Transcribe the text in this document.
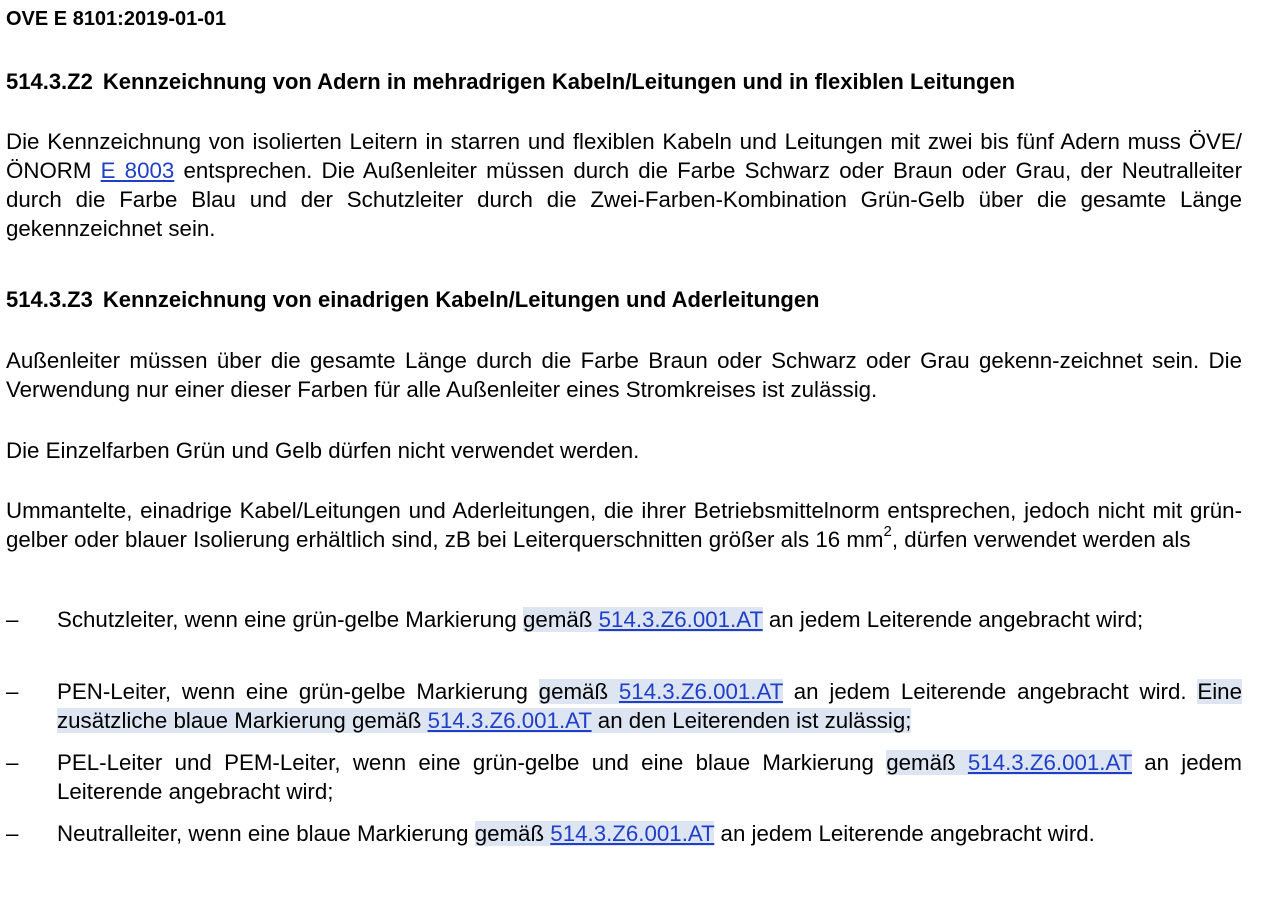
OVE E 8101:2019-01-01
514.3.Z2 Kennzeichnung von Adern in mehradrigen Kabeln/Leitungen und in flexiblen Leitungen
Die Kennzeichnung von isolierten Leitern in starren und flexiblen Kabeln und Leitungen mit zwei bis fünf Adern muss ÖVE/ÖNORM E 8003 entsprechen. Die Außenleiter müssen durch die Farbe Schwarz oder Braun oder Grau, der Neutralleiter durch die Farbe Blau und der Schutzleiter durch die Zwei-Farben-Kombination Grün-Gelb über die gesamte Länge gekennzeichnet sein.
514.3.Z3 Kennzeichnung von einadrigen Kabeln/Leitungen und Aderleitungen
Außenleiter müssen über die gesamte Länge durch die Farbe Braun oder Schwarz oder Grau gekenn-zeichnet sein. Die Verwendung nur einer dieser Farben für alle Außenleiter eines Stromkreises ist zulässig.
Die Einzelfarben Grün und Gelb dürfen nicht verwendet werden.
Ummantelte, einadrige Kabel/Leitungen und Aderleitungen, die ihrer Betriebsmittelnorm entsprechen, jedoch nicht mit grün-gelber oder blauer Isolierung erhältlich sind, zB bei Leiterquerschnitten größer als 16 $mm^2$, dürfen verwendet werden als
–	Schutzleiter, wenn eine grün-gelbe Markierung gemäß 514.3.Z6.001.AT an jedem Leiterende angebracht wird;
–	PEN-Leiter, wenn eine grün-gelbe Markierung gemäß 514.3.Z6.001.AT an jedem Leiterende angebracht wird. Eine zusätzliche blaue Markierung gemäß 514.3.Z6.001.AT an den Leiterenden ist zulässig;
–	PEL-Leiter und PEM-Leiter, wenn eine grün-gelbe und eine blaue Markierung gemäß 514.3.Z6.001.AT an jedem Leiterende angebracht wird;
–	Neutralleiter, wenn eine blaue Markierung gemäß 514.3.Z6.001.AT an jedem Leiterende angebracht wird.
